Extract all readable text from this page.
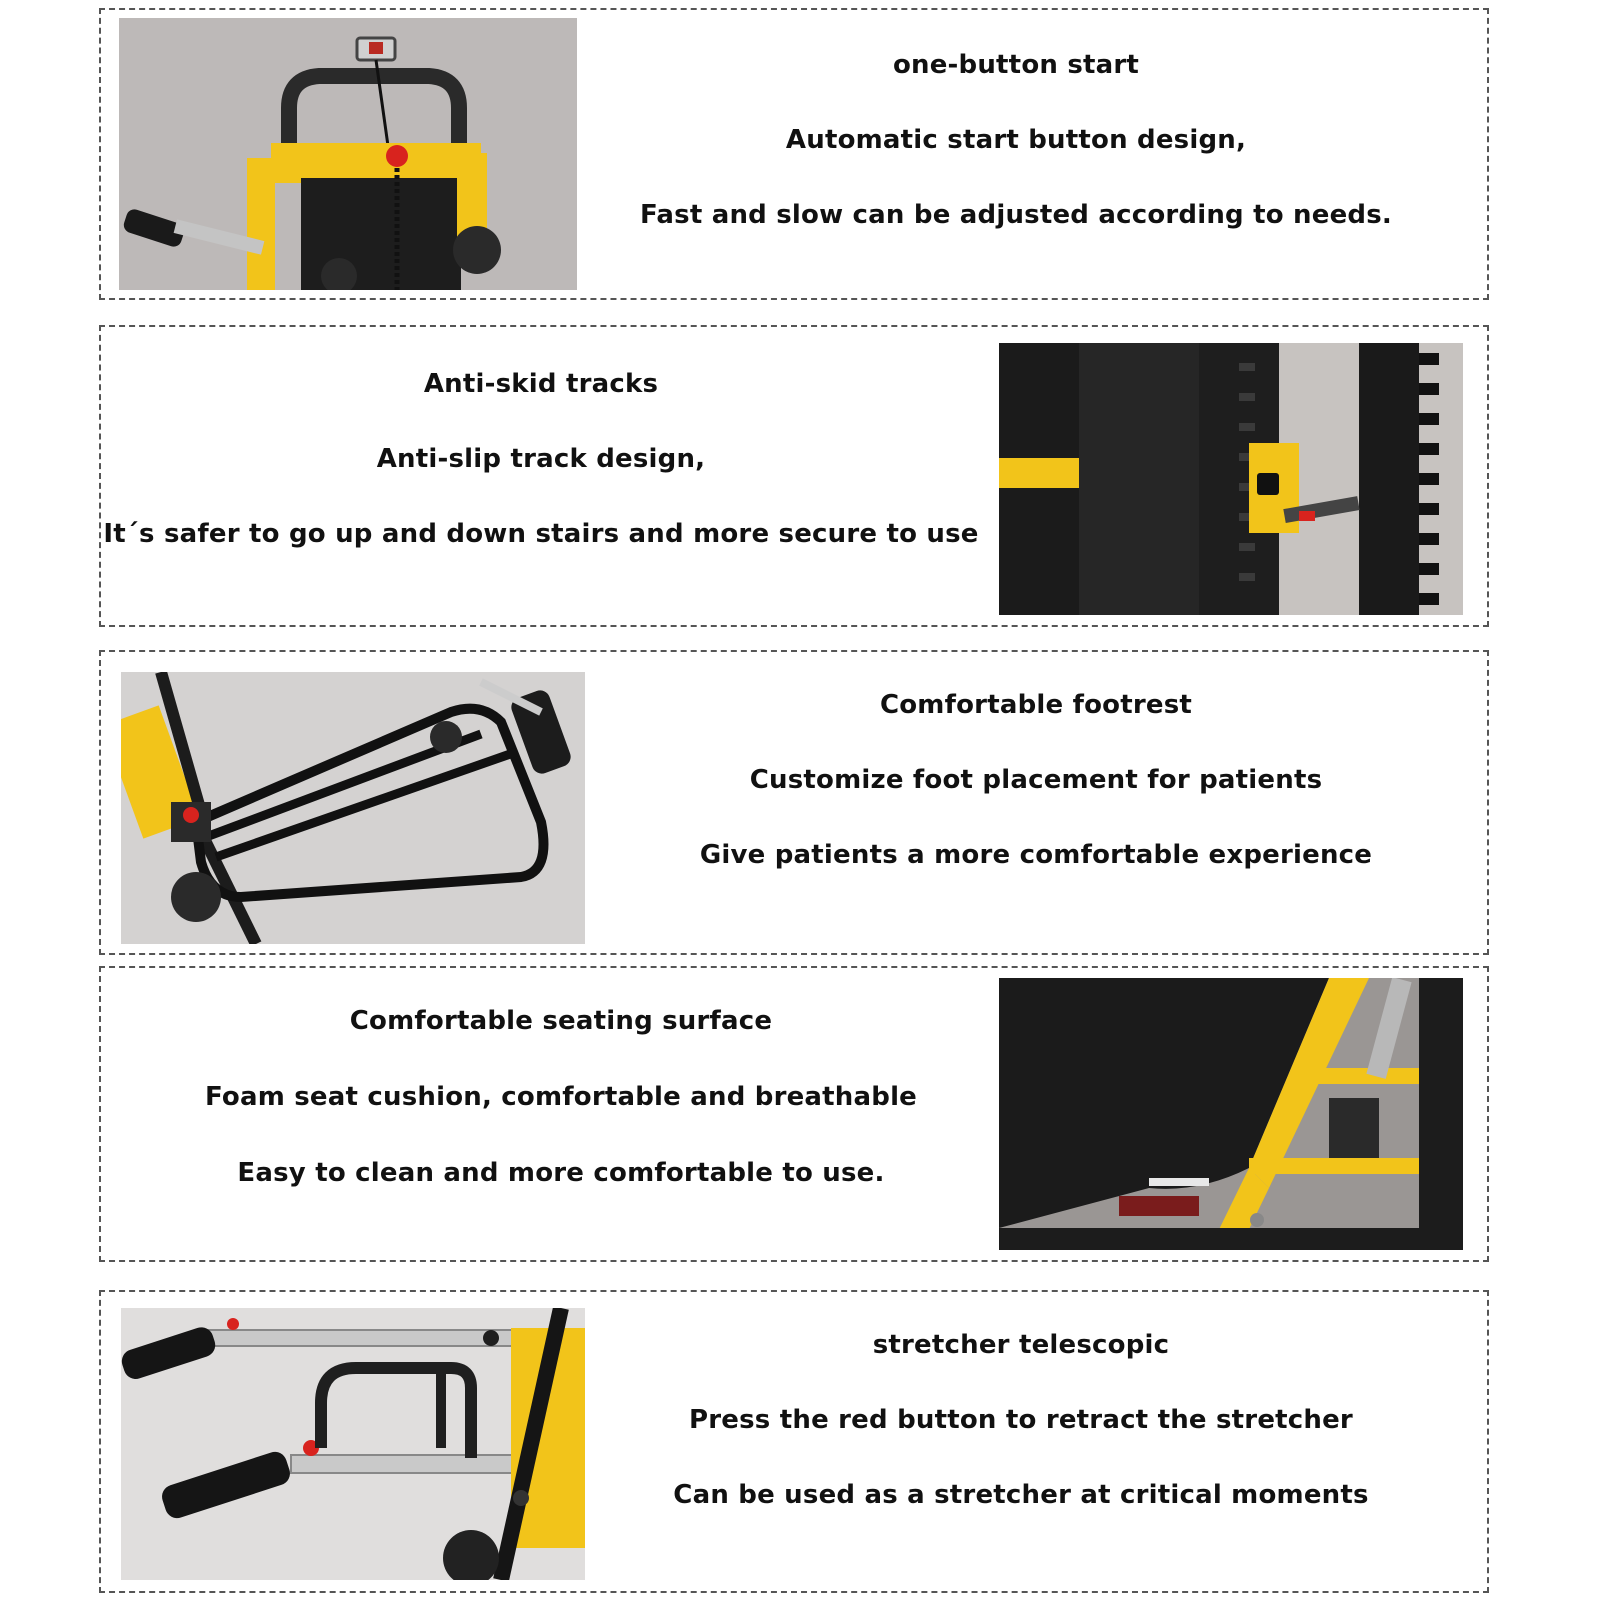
one-button start
Automatic start button design,
Fast and slow can be adjusted according to needs.
Anti-skid tracks
Anti-slip track design,
It´s safer to go up and down stairs and more secure to use
Comfortable footrest
Customize foot placement for patients
Give patients a more comfortable experience
Comfortable seating surface
Foam seat cushion, comfortable and breathable
Easy to clean and more comfortable to use.
stretcher telescopic
Press the red button to retract the stretcher
Can be used as a stretcher at critical moments
